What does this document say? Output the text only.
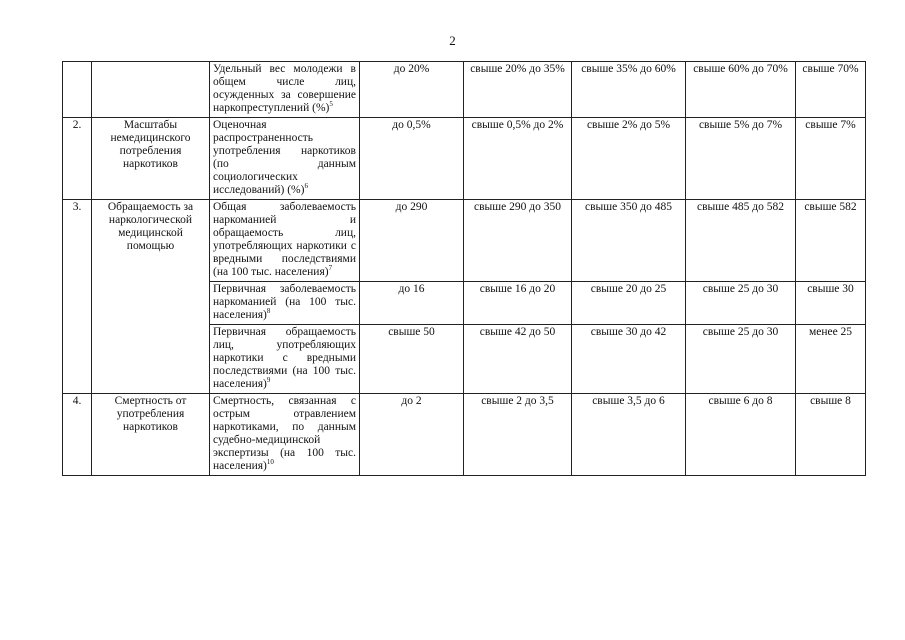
2
		Удельный вес молодежи в общем числе лиц, осужденных за совершение наркопреступлений (%)$^5$	до 20%	свыше 20% до 35%	свыше 35% до 60%	свыше 60% до 70%	свыше 70%
2.	Масштабы немедицинского потребления наркотиков	Оценочная распространенность употребления наркотиков (по данным социологических исследований) (%)$^6$	до 0,5%	свыше 0,5% до 2%	свыше 2% до 5%	свыше 5% до 7%	свыше 7%
3.	Обращаемость за наркологической медицинской помощью	Общая заболеваемость наркоманией и обращаемость лиц, употребляющих наркотики с вредными последствиями (на 100 тыс. населения)$^7$	до 290	свыше 290 до 350	свыше 350 до 485	свыше 485 до 582	свыше 582
		Первичная заболеваемость наркоманией (на 100 тыс. населения)$^8$	до 16	свыше 16 до 20	свыше 20 до 25	свыше 25 до 30	свыше 30
		Первичная обращаемость лиц, употребляющих наркотики с вредными последствиями (на 100 тыс. населения)$^9$	свыше 50	свыше 42 до 50	свыше 30 до 42	свыше 25 до 30	менее 25
4.	Смертность от употребления наркотиков	Смертность, связанная с острым отравлением наркотиками, по данным судебно-медицинской экспертизы (на 100 тыс. населения)$^{10}$	до 2	свыше 2 до 3,5	свыше 3,5 до 6	свыше 6 до 8	свыше 8
